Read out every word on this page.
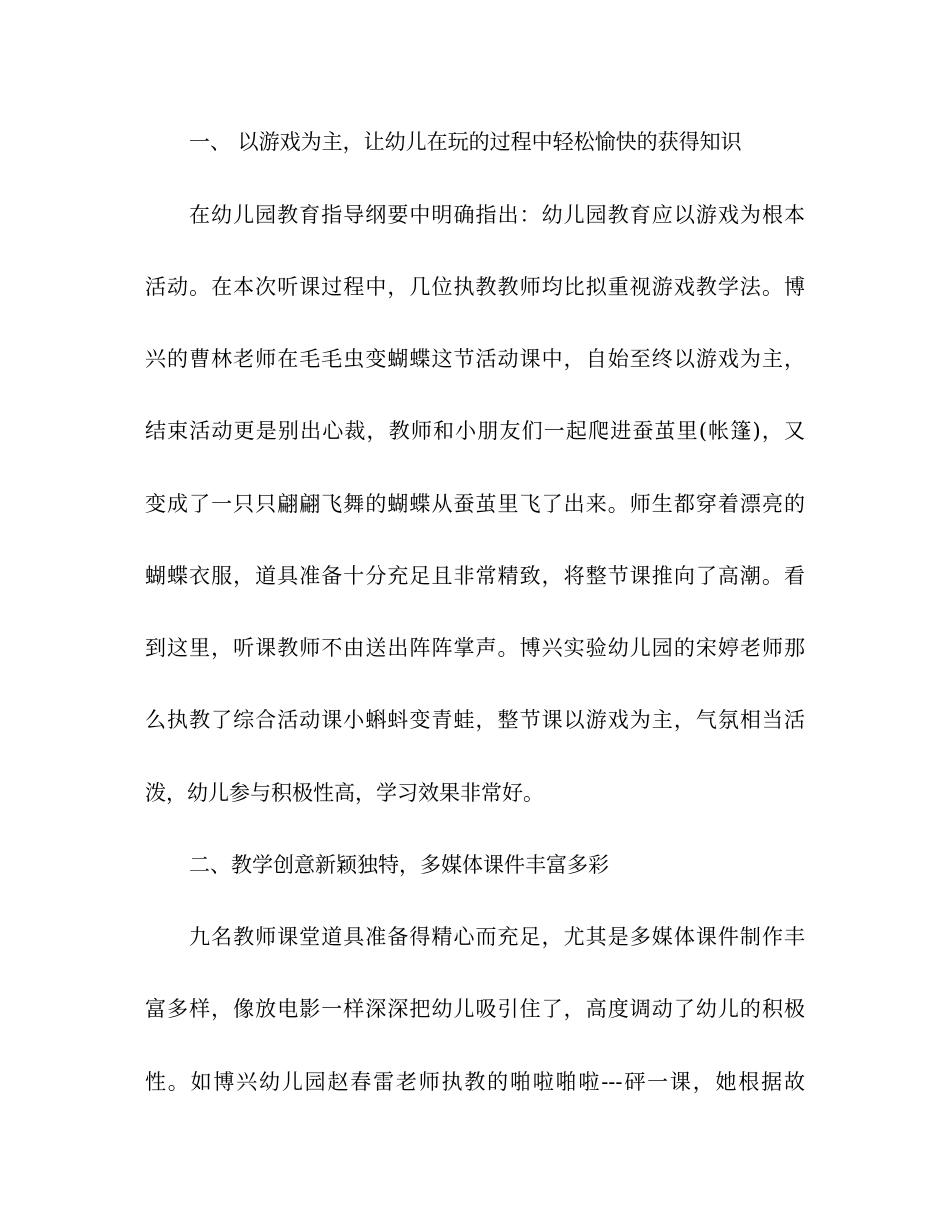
一、 以游戏为主，让幼儿在玩的过程中轻松愉快的获得知识
在幼儿园教育指导纲要中明确指出：幼儿园教育应以游戏为根本
活动。在本次听课过程中，几位执教教师均比拟重视游戏教学法。博
兴的曹林老师在毛毛虫变蝴蝶这节活动课中，自始至终以游戏为主，
结束活动更是别出心裁，教师和小朋友们一起爬进蚕茧里(帐篷)，又
变成了一只只翩翩飞舞的蝴蝶从蚕茧里飞了出来。师生都穿着漂亮的
蝴蝶衣服，道具准备十分充足且非常精致，将整节课推向了高潮。看
到这里，听课教师不由送出阵阵掌声。博兴实验幼儿园的宋婷老师那
么执教了综合活动课小蝌蚪变青蛙，整节课以游戏为主，气氛相当活
泼，幼儿参与积极性高，学习效果非常好。
二、教学创意新颖独特，多媒体课件丰富多彩
九名教师课堂道具准备得精心而充足，尤其是多媒体课件制作丰
富多样，像放电影一样深深把幼儿吸引住了，高度调动了幼儿的积极
性。如博兴幼儿园赵春雷老师执教的啪啦啪啦---砰一课，她根据故
